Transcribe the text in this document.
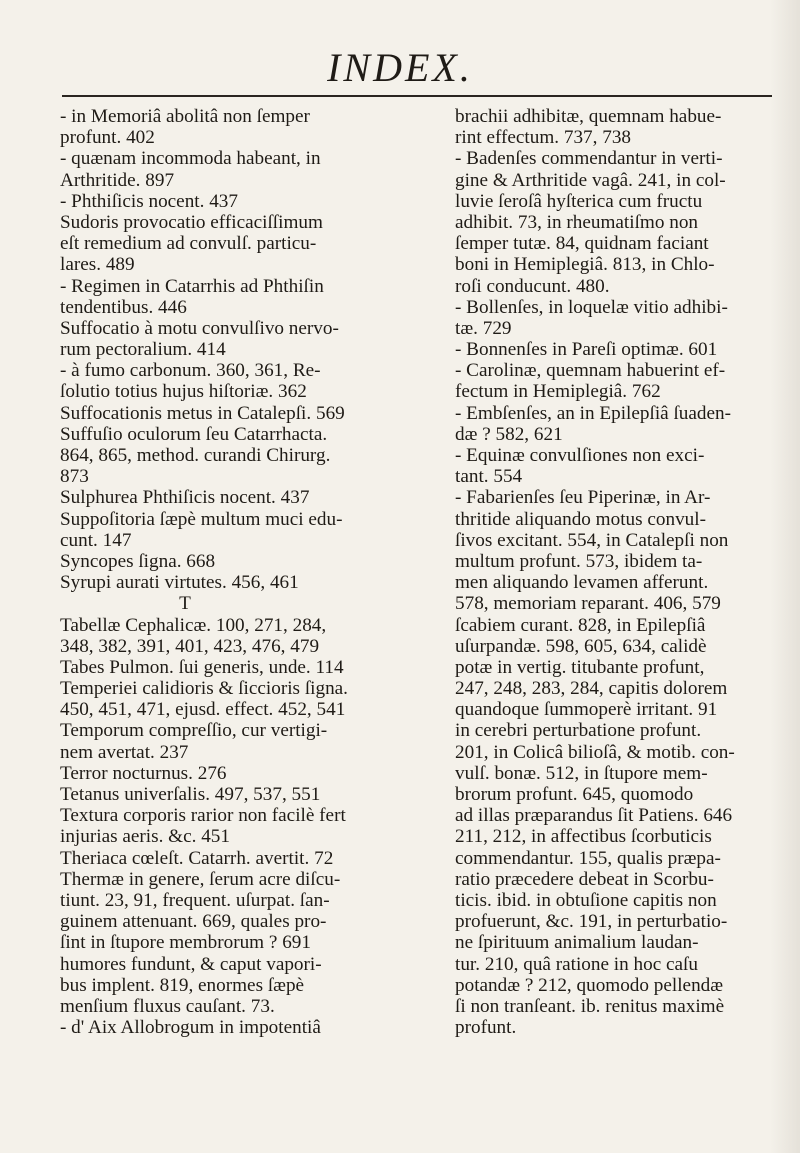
INDEX.
- in Memoriâ abolitâ non ſemper
profunt. 402
- quænam incommoda habeant, in
Arthritide. 897
- Phthiſicis nocent. 437
Sudoris provocatio efficaciſſimum
eſt remedium ad convulſ. particu-
lares. 489
- Regimen in Catarrhis ad Phthiſin
tendentibus. 446
Suffocatio à motu convulſivo nervo-
rum pectoralium. 414
- à fumo carbonum. 360, 361, Re-
ſolutio totius hujus hiſtoriæ. 362
Suffocationis metus in Catalepſi. 569
Suffuſio oculorum ſeu Catarrhacta.
864, 865, method. curandi Chirurg.
873
Sulphurea Phthiſicis nocent. 437
Suppoſitoria ſæpè multum muci edu-
cunt. 147
Syncopes ſigna. 668
Syrupi aurati virtutes. 456, 461
T
Tabellæ Cephalicæ. 100, 271, 284,
348, 382, 391, 401, 423, 476, 479
Tabes Pulmon. ſui generis, unde. 114
Temperiei calidioris & ſiccioris ſigna.
450, 451, 471, ejusd. effect. 452, 541
Temporum compreſſio, cur vertigi-
nem avertat. 237
Terror nocturnus. 276
Tetanus univerſalis. 497, 537, 551
Textura corporis rarior non facilè fert
injurias aeris. &c. 451
Theriaca cœleſt. Catarrh. avertit. 72
Thermæ in genere, ſerum acre diſcu-
tiunt. 23, 91, frequent. uſurpat. ſan-
guinem attenuant. 669, quales pro-
ſint in ſtupore membrorum ? 691
humores fundunt, & caput vapori-
bus implent. 819, enormes ſæpè
menſium fluxus cauſant. 73.
- d' Aix Allobrogum in impotentiâ
brachii adhibitæ, quemnam habue-
rint effectum. 737, 738
- Badenſes commendantur in verti-
gine & Arthritide vagâ. 241, in col-
luvie ſeroſâ hyſterica cum fructu
adhibit. 73, in rheumatiſmo non
ſemper tutæ. 84, quidnam faciant
boni in Hemiplegiâ. 813, in Chlo-
roſi conducunt. 480.
- Bollenſes, in loquelæ vitio adhibi-
tæ. 729
- Bonnenſes in Pareſi optimæ. 601
- Carolinæ, quemnam habuerint ef-
fectum in Hemiplegiâ. 762
- Embſenſes, an in Epilepſiâ ſuaden-
dæ ? 582, 621
- Equinæ convulſiones non exci-
tant. 554
- Fabarienſes ſeu Piperinæ, in Ar-
thritide aliquando motus convul-
ſivos excitant. 554, in Catalepſi non
multum profunt. 573, ibidem ta-
men aliquando levamen afferunt.
578, memoriam reparant. 406, 579
ſcabiem curant. 828, in Epilepſiâ
uſurpandæ. 598, 605, 634, calidè
potæ in vertig. titubante profunt,
247, 248, 283, 284, capitis dolorem
quandoque ſummoperè irritant. 91
in cerebri perturbatione profunt.
201, in Colicâ bilioſâ, & motib. con-
vulſ. bonæ. 512, in ſtupore mem-
brorum profunt. 645, quomodo
ad illas præparandus ſit Patiens. 646
211, 212, in affectibus ſcorbuticis
commendantur. 155, qualis præpa-
ratio præcedere debeat in Scorbu-
ticis. ibid. in obtuſione capitis non
profuerunt, &c. 191, in perturbatio-
ne ſpirituum animalium laudan-
tur. 210, quâ ratione in hoc caſu
potandæ ? 212, quomodo pellendæ
ſi non tranſeant. ib. renitus maximè
profunt.
